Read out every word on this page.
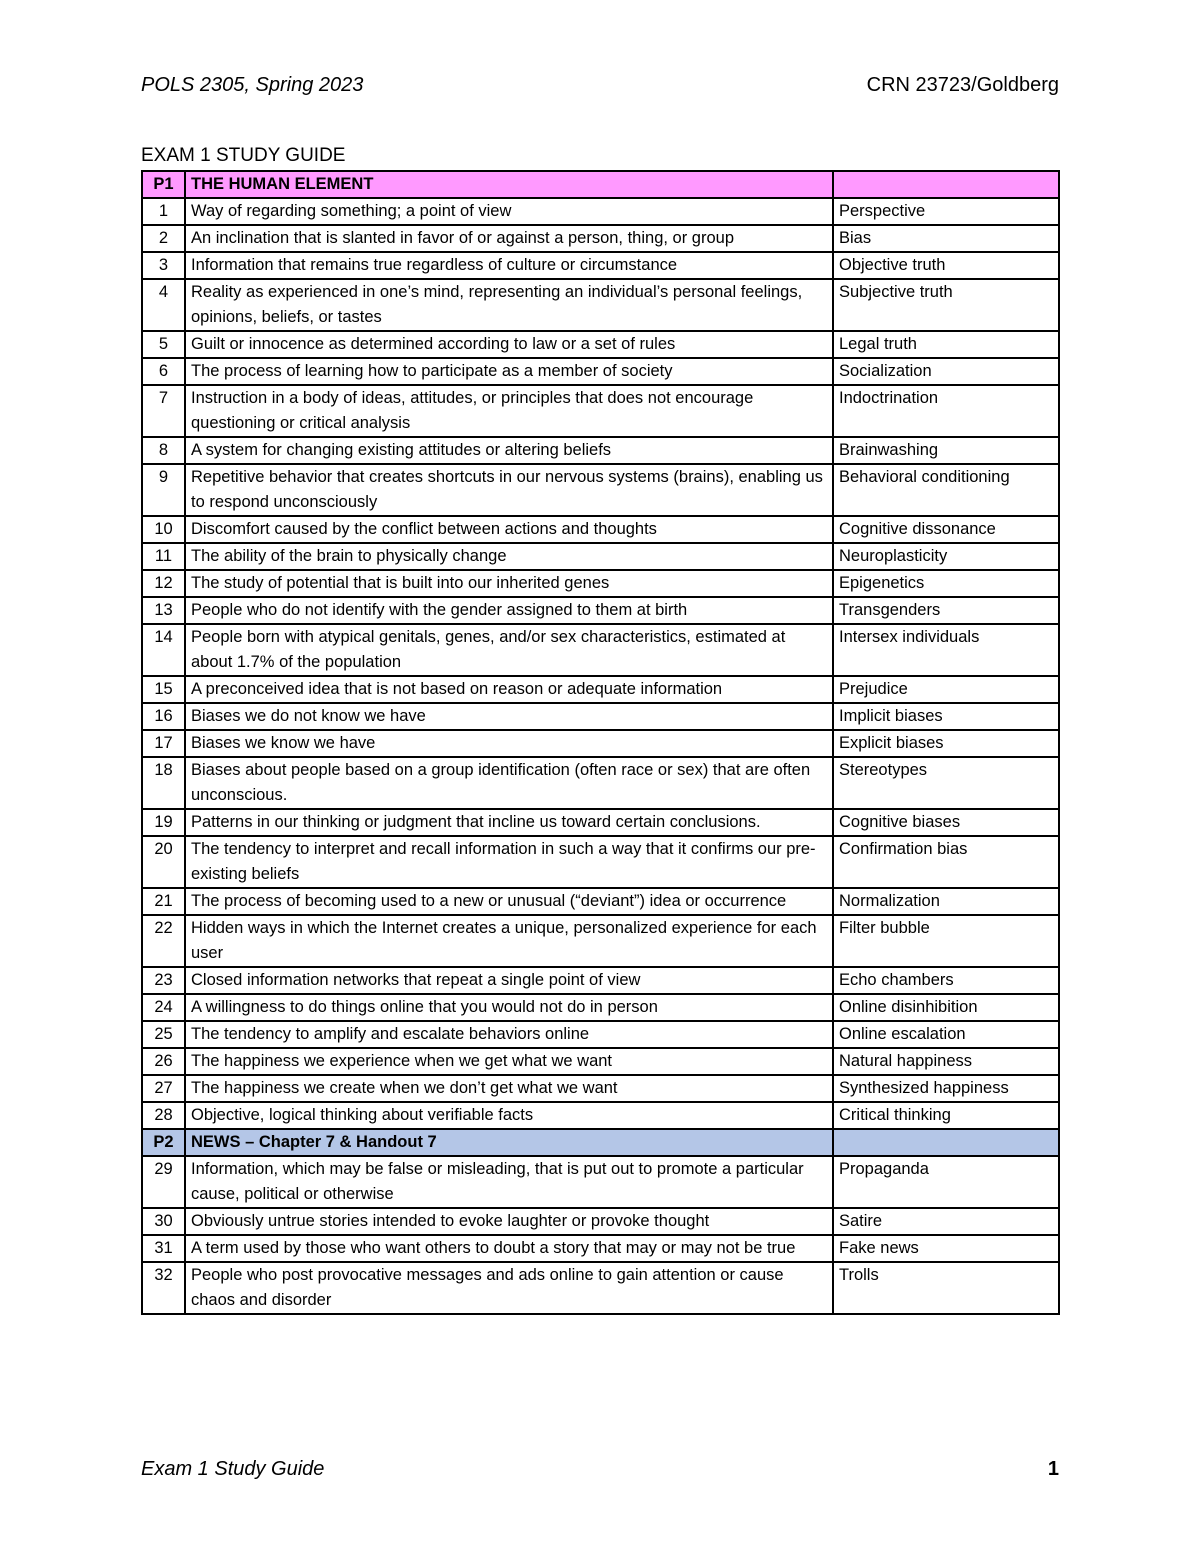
POLS 2305, Spring 2023	CRN 23723/Goldberg
EXAM 1 STUDY GUIDE
P1	THE HUMAN ELEMENT	
1	Way of regarding something; a point of view	Perspective
2	An inclination that is slanted in favor of or against a person, thing, or group	Bias
3	Information that remains true regardless of culture or circumstance	Objective truth
4	Reality as experienced in one’s mind, representing an individual’s personal feelings, opinions, beliefs, or tastes	Subjective truth
5	Guilt or innocence as determined according to law or a set of rules	Legal truth
6	The process of learning how to participate as a member of society	Socialization
7	Instruction in a body of ideas, attitudes, or principles that does not encourage questioning or critical analysis	Indoctrination
8	A system for changing existing attitudes or altering beliefs	Brainwashing
9	Repetitive behavior that creates shortcuts in our nervous systems (brains), enabling us to respond unconsciously	Behavioral conditioning
10	Discomfort caused by the conflict between actions and thoughts	Cognitive dissonance
11	The ability of the brain to physically change	Neuroplasticity
12	The study of potential that is built into our inherited genes	Epigenetics
13	People who do not identify with the gender assigned to them at birth	Transgenders
14	People born with atypical genitals, genes, and/or sex characteristics, estimated at about 1.7% of the population	Intersex individuals
15	A preconceived idea that is not based on reason or adequate information	Prejudice
16	Biases we do not know we have	Implicit biases
17	Biases we know we have	Explicit biases
18	Biases about people based on a group identification (often race or sex) that are often unconscious.	Stereotypes
19	Patterns in our thinking or judgment that incline us toward certain conclusions.	Cognitive biases
20	The tendency to interpret and recall information in such a way that it confirms our pre-existing beliefs	Confirmation bias
21	The process of becoming used to a new or unusual (“deviant”) idea or occurrence	Normalization
22	Hidden ways in which the Internet creates a unique, personalized experience for each user	Filter bubble
23	Closed information networks that repeat a single point of view	Echo chambers
24	A willingness to do things online that you would not do in person	Online disinhibition
25	The tendency to amplify and escalate behaviors online	Online escalation
26	The happiness we experience when we get what we want	Natural happiness
27	The happiness we create when we don’t get what we want	Synthesized happiness
28	Objective, logical thinking about verifiable facts	Critical thinking
P2	NEWS – Chapter 7 & Handout 7	
29	Information, which may be false or misleading, that is put out to promote a particular cause, political or otherwise	Propaganda
30	Obviously untrue stories intended to evoke laughter or provoke thought	Satire
31	A term used by those who want others to doubt a story that may or may not be true	Fake news
32	People who post provocative messages and ads online to gain attention or cause chaos and disorder	Trolls
Exam 1 Study Guide	1
